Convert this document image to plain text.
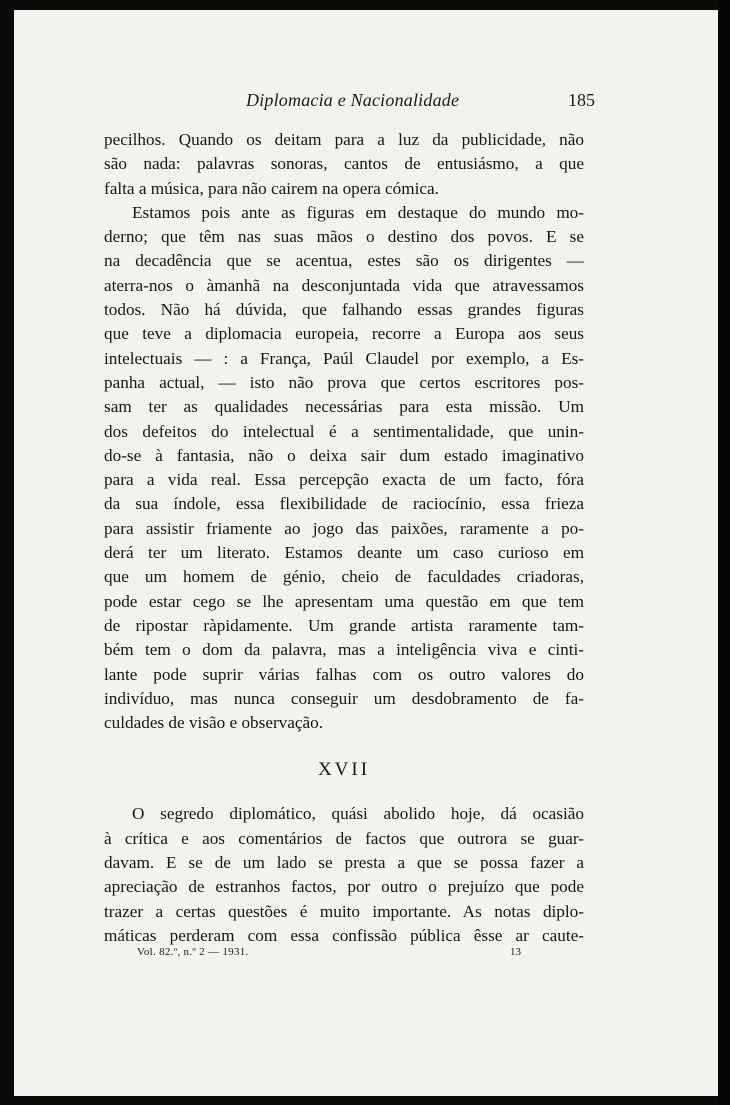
Diplomacia e Nacionalidade	185
pecilhos. Quando os deitam para a luz da publicidade, não
são nada: palavras sonoras, cantos de entusiásmo, a que
falta a música, para não cairem na opera cómica.
Estamos pois ante as figuras em destaque do mundo mo-
derno; que têm nas suas mãos o destino dos povos. E se
na decadência que se acentua, estes são os dirigentes —
aterra-nos o àmanhã na desconjuntada vida que atravessamos
todos. Não há dúvida, que falhando essas grandes figuras
que teve a diplomacia europeia, recorre a Europa aos seus
intelectuais — : a França, Paúl Claudel por exemplo, a Es-
panha actual, — isto não prova que certos escritores pos-
sam ter as qualidades necessárias para esta missão. Um
dos defeitos do intelectual é a sentimentalidade, que unin-
do-se à fantasia, não o deixa sair dum estado imaginativo
para a vida real. Essa percepção exacta de um facto, fóra
da sua índole, essa flexibilidade de raciocínio, essa frieza
para assistir friamente ao jogo das paixões, raramente a po-
derá ter um literato. Estamos deante um caso curioso em
que um homem de génio, cheio de faculdades criadoras,
pode estar cego se lhe apresentam uma questão em que tem
de ripostar ràpidamente. Um grande artista raramente tam-
bém tem o dom da palavra, mas a inteligência viva e cinti-
lante pode suprir várias falhas com os outro valores do
indivíduo, mas nunca conseguir um desdobramento de fa-
culdades de visão e observação.
XVII
O segredo diplomático, quási abolido hoje, dá ocasião
à crítica e aos comentários de factos que outrora se guar-
davam. E se de um lado se presta a que se possa fazer a
apreciação de estranhos factos, por outro o prejuízo que pode
trazer a certas questões é muito importante. As notas diplo-
máticas perderam com essa confissão pública êsse ar caute-
Vol. 82.º, n.º 2 — 1931.	13
